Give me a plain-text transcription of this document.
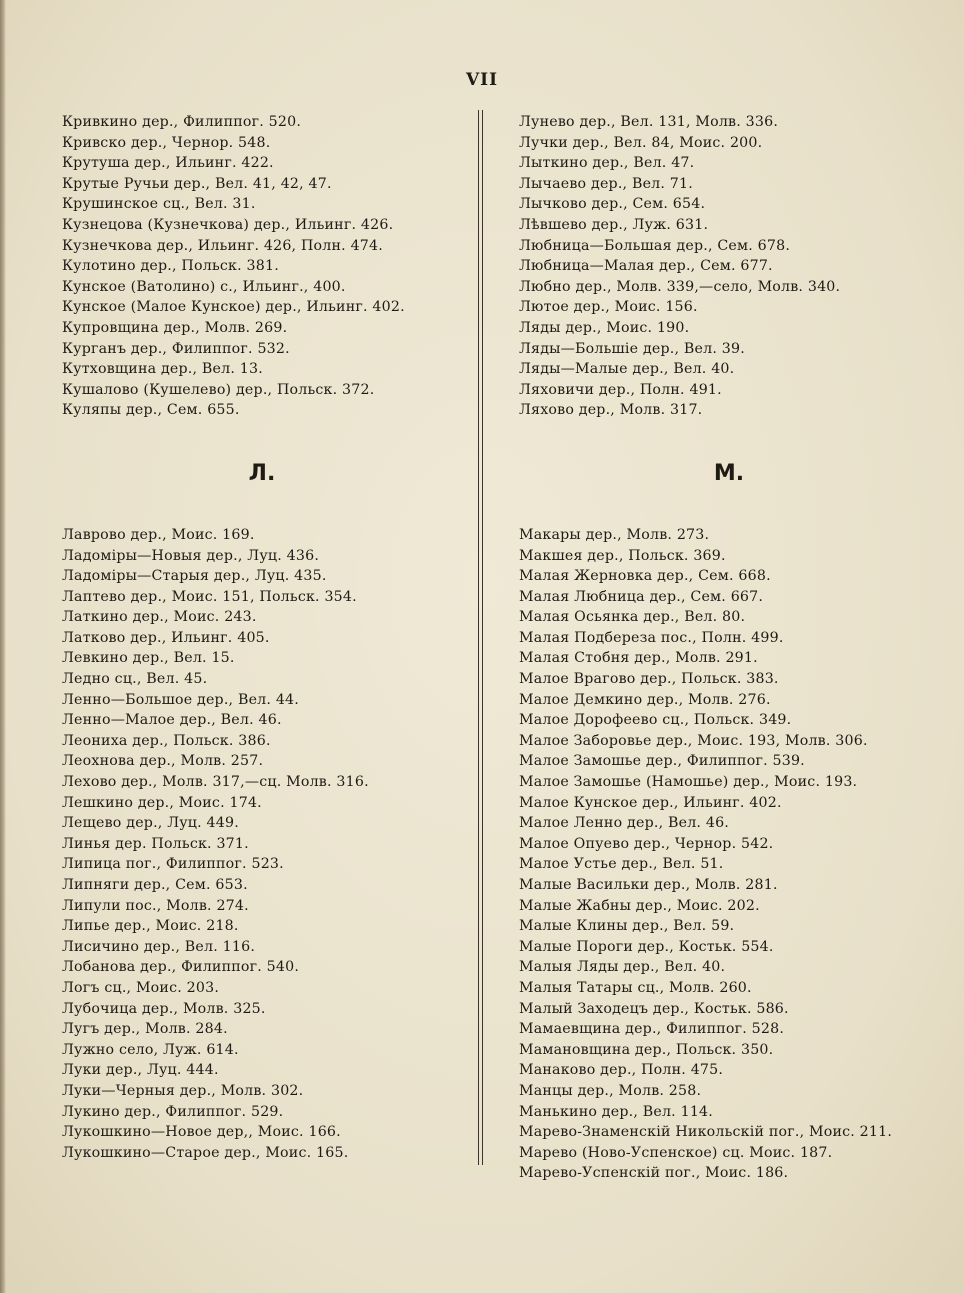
VII
Кривкино дер., Филиппог. 520.
Кривско дер., Чернор. 548.
Крутуша дер., Ильинг. 422.
Крутые Ручьи дер., Вел. 41, 42, 47.
Крушинское сц., Вел. 31.
Кузнецова (Кузнечкова) дер., Ильинг. 426.
Кузнечкова дер., Ильинг. 426, Полн. 474.
Кулотино дер., Польск. 381.
Кунское (Ватолино) с., Ильинг., 400.
Кунское (Малое Кунское) дер., Ильинг. 402.
Купровщина дер., Молв. 269.
Курганъ дер., Филиппог. 532.
Кутховщина дер., Вел. 13.
Кушалово (Кушелево) дер., Польск. 372.
Куляпы дер., Сем. 655.
Л.
Лаврово дер., Моис. 169.
Ладоміры—Новыя дер., Луц. 436.
Ладоміры—Старыя дер., Луц. 435.
Лаптево дер., Моис. 151, Польск. 354.
Латкино дер., Моис. 243.
Латково дер., Ильинг. 405.
Левкино дер., Вел. 15.
Ледно сц., Вел. 45.
Ленно—Большое дер., Вел. 44.
Ленно—Малое дер., Вел. 46.
Леониха дер., Польск. 386.
Леохнова дер., Молв. 257.
Лехово дер., Молв. 317,—сц. Молв. 316.
Лешкино дер., Моис. 174.
Лещево дер., Луц. 449.
Линья дер. Польск. 371.
Липица пог., Филиппог. 523.
Липняги дер., Сем. 653.
Липули пос., Молв. 274.
Липье дер., Моис. 218.
Лисичино дер., Вел. 116.
Лобанова дер., Филиппог. 540.
Логъ сц., Моис. 203.
Лубочица дер., Молв. 325.
Лугъ дер., Молв. 284.
Лужно село, Луж. 614.
Луки дер., Луц. 444.
Луки—Черныя дер., Молв. 302.
Лукино дер., Филиппог. 529.
Лукошкино—Новое дер,, Моис. 166.
Лукошкино—Старое дер., Моис. 165.
Лунево дер., Вел. 131, Молв. 336.
Лучки дер., Вел. 84, Моис. 200.
Лыткино дер., Вел. 47.
Лычаево дер., Вел. 71.
Лычково дер., Сем. 654.
Лѣвшево дер., Луж. 631.
Любница—Большая дер., Сем. 678.
Любница—Малая дер., Сем. 677.
Любно дер., Молв. 339,—село, Молв. 340.
Лютое дер., Моис. 156.
Ляды дер., Моис. 190.
Ляды—Большіе дер., Вел. 39.
Ляды—Малые дер., Вел. 40.
Ляховичи дер., Полн. 491.
Ляхово дер., Молв. 317.
М.
Макары дер., Молв. 273.
Макшея дер., Польск. 369.
Малая Жерновка дер., Сем. 668.
Малая Любница дер., Сем. 667.
Малая Осьянка дер., Вел. 80.
Малая Подбереза пос., Полн. 499.
Малая Стобня дер., Молв. 291.
Малое Врагово дер., Польск. 383.
Малое Демкино дер., Молв. 276.
Малое Дорофеево сц., Польск. 349.
Малое Заборовье дер., Моис. 193, Молв. 306.
Малое Замошье дер., Филиппог. 539.
Малое Замошье (Намошье) дер., Моис. 193.
Малое Кунское дер., Ильинг. 402.
Малое Ленно дер., Вел. 46.
Малое Опуево дер., Чернор. 542.
Малое Устье дер., Вел. 51.
Малые Васильки дер., Молв. 281.
Малые Жабны дер., Моис. 202.
Малые Клины дер., Вел. 59.
Малые Пороги дер., Костьк. 554.
Малыя Ляды дер., Вел. 40.
Малыя Татары сц., Молв. 260.
Малый Заходецъ дер., Костьк. 586.
Мамаевщина дер., Филиппог. 528.
Мамановщина дер., Польск. 350.
Манаково дер., Полн. 475.
Манцы дер., Молв. 258.
Манькино дер., Вел. 114.
Марево-Знаменскій Никольскій пог., Моис. 211.
Марево (Ново-Успенское) сц. Моис. 187.
Марево-Успенскій пог., Моис. 186.
